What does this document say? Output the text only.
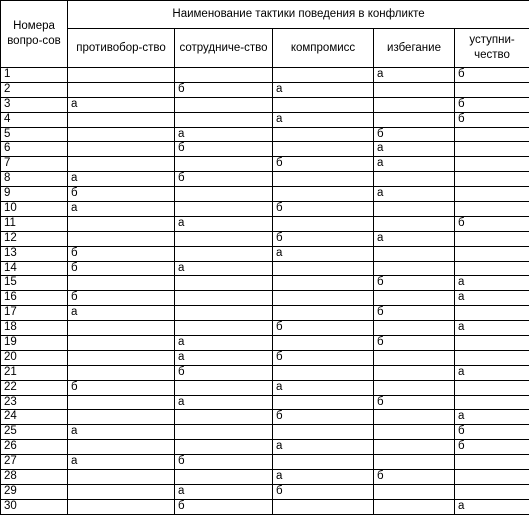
Номера вопро-сов	Наименование тактики поведения в конфликте				
	противобор-ство	сотрудниче-ство	компромисс	избегание	уступни-чество
1				а	б
2		б	а		
3	а				б
4			а		б
5		а		б	
6		б		а	
7			б	а	
8	а	б			
9	б			а	
10	а		б		
11		а			б
12			б	а	
13	б		а		
14	б	а			
15				б	а
16	б				а
17	а			б	
18			б		а
19		а		б	
20		а	б		
21		б			а
22	б		а		
23		а		б	
24			б		а
25	а				б
26			а		б
27	а	б			
28			а	б	
29		а	б		
30		б			а
